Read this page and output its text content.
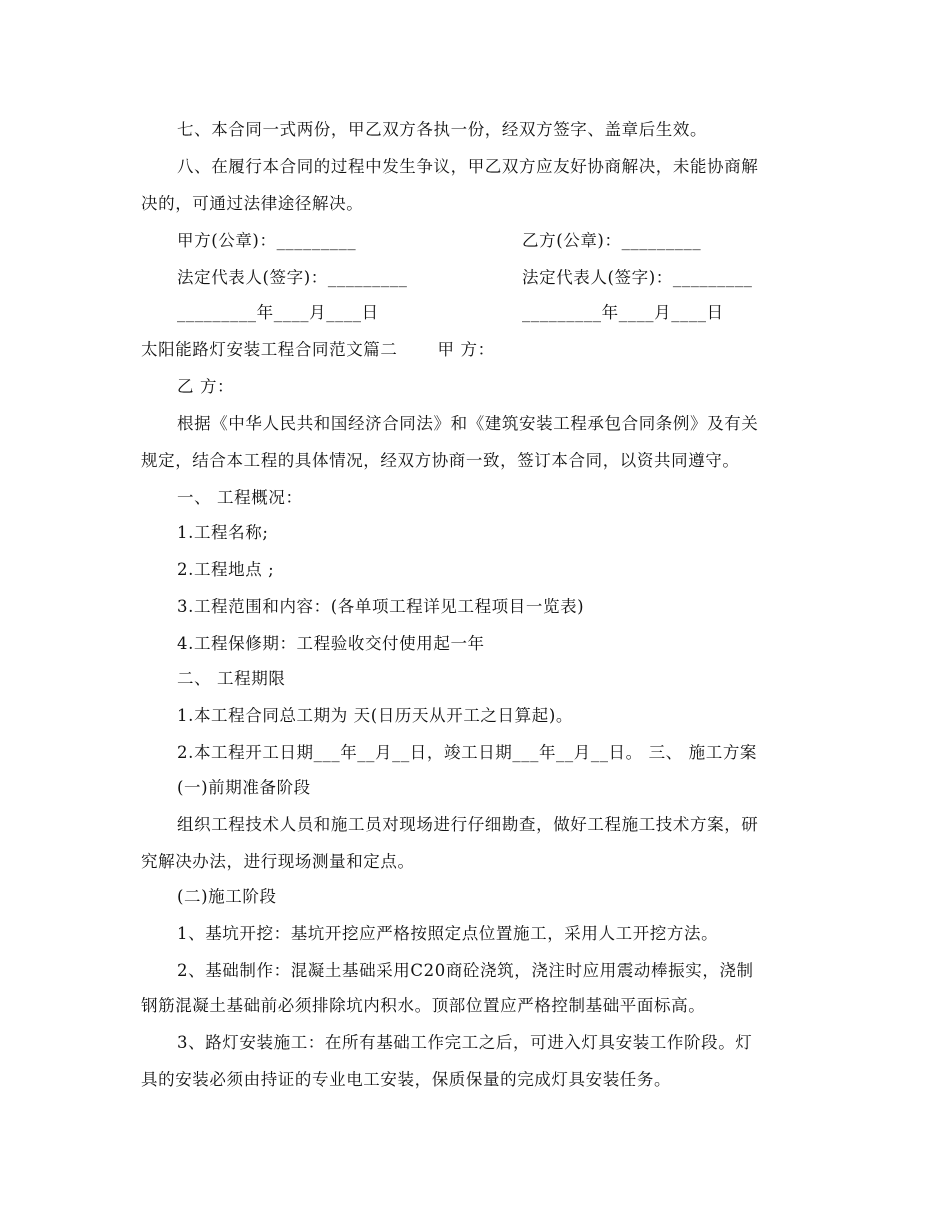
七、本合同一式两份，甲乙双方各执一份，经双方签字、盖章后生效。
八、在履行本合同的过程中发生争议，甲乙双方应友好协商解决，未能协商解
决的，可通过法律途径解决。
甲方(公章)：_________	乙方(公章)：_________
法定代表人(签字)：_________	法定代表人(签字)：_________
_________年____月____日	_________年____月____日
太阳能路灯安装工程合同范文篇二　　 甲 方：
乙 方：
根据《中华人民共和国经济合同法》和《建筑安装工程承包合同条例》及有关
规定，结合本工程的具体情况，经双方协商一致，签订本合同，以资共同遵守。
一、 工程概况：
1.工程名称;
2.工程地点 ;
3.工程范围和内容：(各单项工程详见工程项目一览表)
4.工程保修期：工程验收交付使用起一年
二、 工程期限
1.本工程合同总工期为 天(日历天从开工之日算起)。
2.本工程开工日期___年__月__日，竣工日期___年__月__日。 三、 施工方案
(一)前期准备阶段
组织工程技术人员和施工员对现场进行仔细勘查，做好工程施工技术方案，研
究解决办法，进行现场测量和定点。
(二)施工阶段
1、基坑开挖：基坑开挖应严格按照定点位置施工，采用人工开挖方法。
2、基础制作：混凝土基础采用C20商砼浇筑，浇注时应用震动棒振实，浇制
钢筋混凝土基础前必须排除坑内积水。顶部位置应严格控制基础平面标高。
3、路灯安装施工：在所有基础工作完工之后，可进入灯具安装工作阶段。灯
具的安装必须由持证的专业电工安装，保质保量的完成灯具安装任务。
